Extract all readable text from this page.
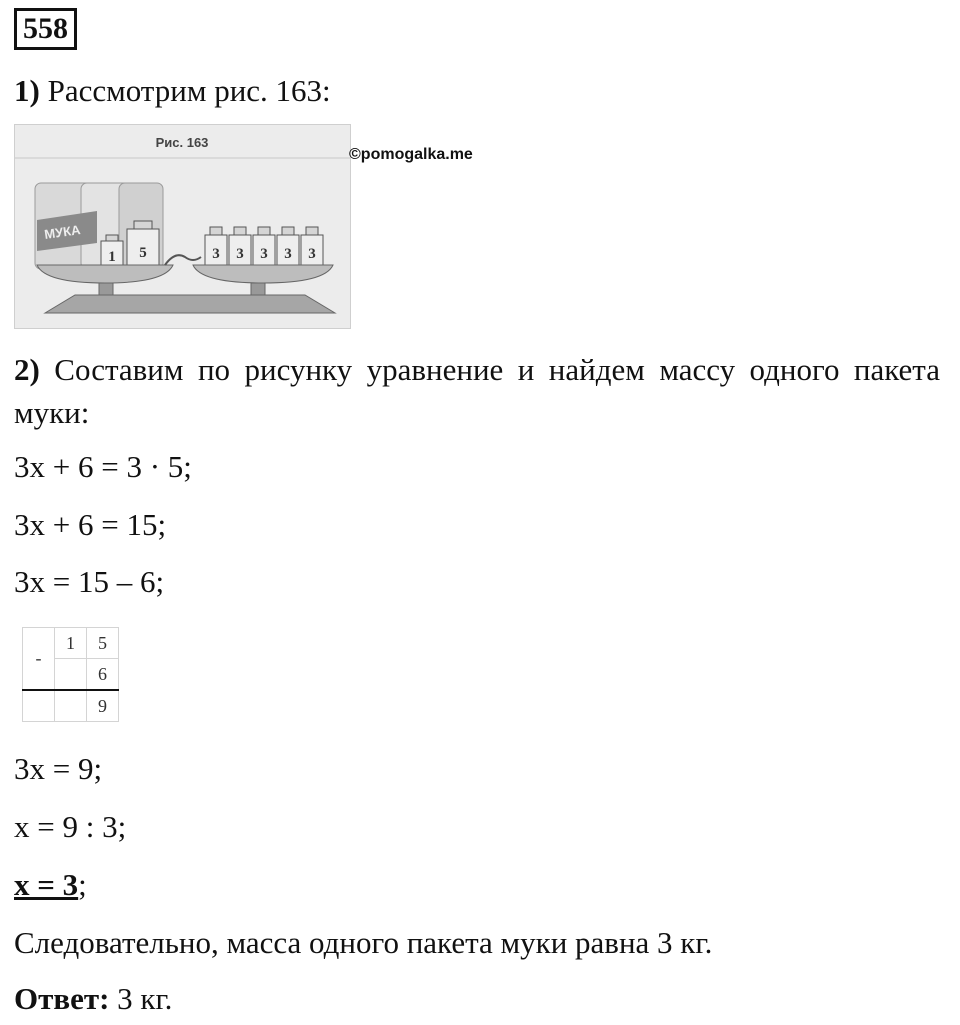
558
1) Рассмотрим рис. 163:
Рис. 163
МУКА
1 5	3 3 3 3 3
©pomogalka.me
2) Составим по рисунку уравнение и найдем массу одного пакета муки:
3x + 6 = 3 · 5;
3x + 6 = 15;
3x = 15 – 6;
-	1	5
		6
		9
3x = 9;
x = 9 : 3;
x = 3;
Следовательно, масса одного пакета муки равна 3 кг.
Ответ: 3 кг.
